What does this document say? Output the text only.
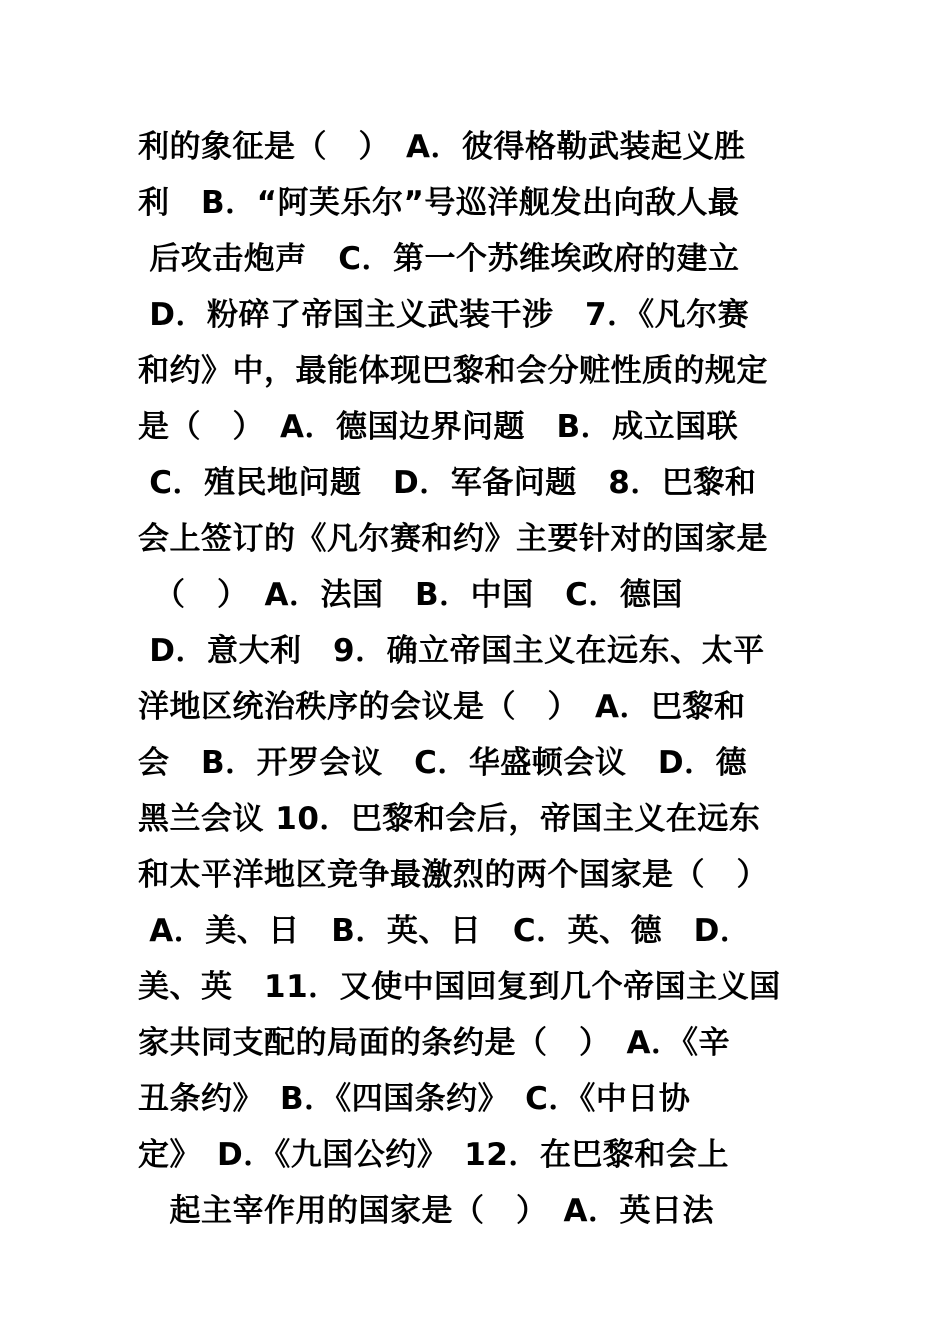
利的象征是（　）　A．彼得格勒武装起义胜
利　B．“阿芙乐尔”号巡洋舰发出向敌人最
后攻击炮声　C．第一个苏维埃政府的建立
D．粉碎了帝国主义武装干涉　7．《凡尔赛
和约》中，最能体现巴黎和会分赃性质的规定
是（　）　A．德国边界问题　B．成立国联
C．殖民地问题　D．军备问题　8．巴黎和
会上签订的《凡尔赛和约》主要针对的国家是
　（　）　A．法国　B．中国　C．德国
D．意大利　9．确立帝国主义在远东、太平
洋地区统治秩序的会议是（　）　A．巴黎和
会　B．开罗会议　C．华盛顿会议　D．德
黑兰会议 10．巴黎和会后，帝国主义在远东
和太平洋地区竞争最激烈的两个国家是（　）
A．美、日　B．英、日　C．英、德　D．
美、英　11．又使中国回复到几个帝国主义国
家共同支配的局面的条约是（　）　A．《辛
丑条约》　B．《四国条约》　C．《中日协
定》　D．《九国公约》　12．在巴黎和会上
　起主宰作用的国家是（　）　A．英日法
